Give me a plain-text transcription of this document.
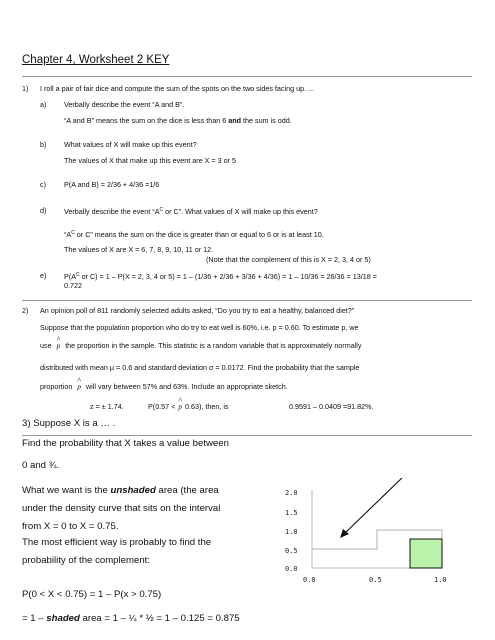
Chapter 4, Worksheet 2 KEY
1) I roll a pair of fair dice and compute the sum of the spots on the two sides facing up. ...
a) Verbally describe the event “A and B”.
“A and B” means the sum on the dice is less than 6 and the sum is odd.
b) What values of X will make up this event?
The values of X that make up this event are X = 3 or 5
c)	P(A and B) = 2/36 + 4/36 =1/6
d) Verbally describe the event “$A^C$ or C”. What values of X will make up this event?
“$A^C$ or C” means the sum on the dice is greater than or equal to 6 or is at least 10.
The values of X are X = 6, 7, 8, 9, 10, 11 or 12.
(Note that the complement of this is X = 2, 3, 4 or 5)
e) $P(A^C$ or C) = 1 – P(X = 2, 3, 4 or 5) = 1 – (1/36 + 2/36 + 3/36 + 4/36) = 1 – 10/36 = 26/36 = 13/18 =
0.722
2) An opinion poll of 811 randomly selected adults asked, “Do you try to eat a healthy, balanced diet?”
Suppose that the population proportion who do try to eat well is 60%, i.e. p = 0.60. To estimate p, we
use ^ p the proportion in the sample. This statistic is a random variable that is approximately normally
distributed with mean μ = 0.6 and standard deviation σ = 0.0172. Find the probability that the sample
proportion ^ p will vary between 57% and 63%. Include an appropriate sketch.
z = ± 1.74.	P(0.57 < ^ p 0.63), then, is	0.9591 – 0.0409 =91.82%.
3) Suppose X is a … .
Find the probability that X takes a value between
0 and ¾.
What we want is the unshaded area (the area
under the density curve that sits on the interval
from X = 0 to X = 0.75.
The most efficient way is probably to find the
probability of the complement:
P(0 < X < 0.75) = 1 – P(x > 0.75)
= 1 – shaded area = 1 – ¼ * ½ = 1 – 0.125 = 0.875
2.0
1.5
1.0
0.5
0.0
0.0	0.5	1.0
